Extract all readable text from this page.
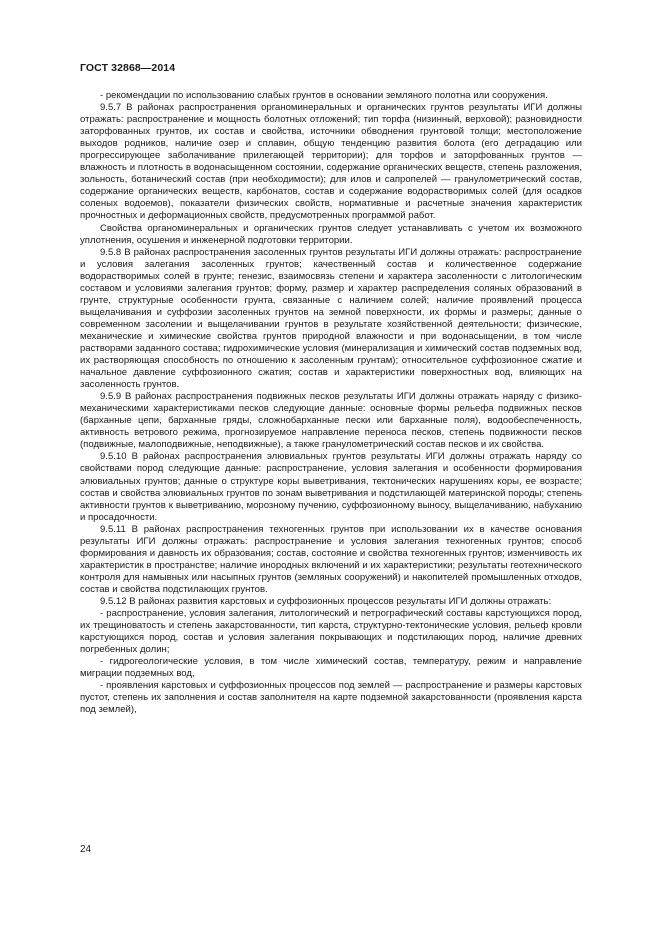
ГОСТ 32868—2014

- рекомендации по использованию слабых грунтов в основании земляного полотна или сооружения.

9.5.7 В районах распространения органоминеральных и органических грунтов результаты ИГИ должны отражать: распространение и мощность болотных отложений; тип торфа (низинный, верховой); разновидности заторфованных грунтов, их состав и свойства, источники обводнения грунтовой толщи; местоположение выходов родников, наличие озер и сплавин, общую тенденцию развития болота (его деградацию или прогрессирующее заболачивание прилегающей территории); для торфов и заторфованных грунтов — влажность и плотность в водонасыщенном состоянии, содержание органических веществ, степень разложения, зольность, ботанический состав (при необходимости); для илов и сапропелей — гранулометрический состав, содержание органических веществ, карбонатов, состав и содержание водорастворимых солей (для осадков соленых водоемов), показатели физических свойств, нормативные и расчетные значения характеристик прочностных и деформационных свойств, предусмотренных программой работ.

Свойства органоминеральных и органических грунтов следует устанавливать с учетом их возможного уплотнения, осушения и инженерной подготовки территории.

9.5.8 В районах распространения засоленных грунтов результаты ИГИ должны отражать: распространение и условия залегания засоленных грунтов; качественный состав и количественное содержание водорастворимых солей в грунте; генезис, взаимосвязь степени и характера засоленности с литологическим составом и условиями залегания грунтов; форму, размер и характер распределения соляных образований в грунте, структурные особенности грунта, связанные с наличием солей; наличие проявлений процесса выщелачивания и суффозии засоленных грунтов на земной поверхности, их формы и размеры; данные о современном засолении и выщелачивании грунтов в результате хозяйственной деятельности; физические, механические и химические свойства грунтов природной влажности и при водонасыщении, в том числе растворами заданного состава; гидрохимические условия (минерализация и химический состав подземных вод, их растворяющая способность по отношению к засоленным грунтам); относительное суффозионное сжатие и начальное давление суффозионного сжатия; состав и характеристики поверхностных вод, влияющих на засоленность грунтов.

9.5.9 В районах распространения подвижных песков результаты ИГИ должны отражать наряду с физико-механическими характеристиками песков следующие данные: основные формы рельефа подвижных песков (барханные цепи, барханные гряды, сложнобарханные пески или барханные поля), водообеспеченность, активность ветрового режима, прогнозируемое направление переноса песков, степень подвижности песков (подвижные, малоподвижные, неподвижные), а также гранулометрический состав песков и их свойства.

9.5.10 В районах распространения элювиальных грунтов результаты ИГИ должны отражать наряду со свойствами пород следующие данные: распространение, условия залегания и особенности формирования элювиальных грунтов; данные о структуре коры выветривания, тектонических нарушениях коры, ее возрасте; состав и свойства элювиальных грунтов по зонам выветривания и подстилающей материнской породы; степень активности грунтов к выветриванию, морозному пучению, суффозионному выносу, выщелачиванию, набуханию и просадочности.

9.5.11 В районах распространения техногенных грунтов при использовании их в качестве основания результаты ИГИ должны отражать: распространение и условия залегания техногенных грунтов; способ формирования и давность их образования; состав, состояние и свойства техногенных грунтов; изменчивость их характеристик в пространстве; наличие инородных включений и их характеристики; результаты геотехнического контроля для намывных или насыпных грунтов (земляных сооружений) и накопителей промышленных отходов, состав и свойства подстилающих грунтов.

9.5.12 В районах развития карстовых и суффозионных процессов результаты ИГИ должны отражать:

- распространение, условия залегания, литологический и петрографический составы карстующихся пород, их трещиноватость и степень закарстованности, тип карста, структурно-тектонические условия, рельеф кровли карстующихся пород, состав и условия залегания покрывающих и подстилающих пород, наличие древних погребенных долин;

- гидрогеологические условия, в том числе химический состав, температуру, режим и направление миграции подземных вод,

- проявления карстовых и суффозионных процессов под землей — распространение и размеры карстовых пустот, степень их заполнения и состав заполнителя на карте подземной закарстованности (проявления карста под землей),

24
